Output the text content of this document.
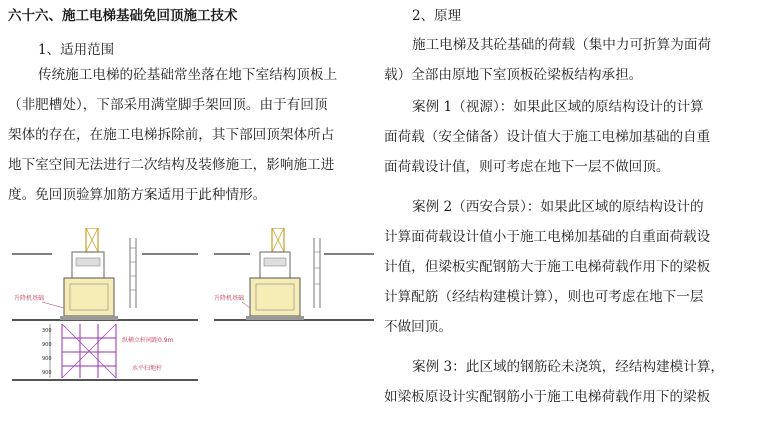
六十六、施工电梯基础免回顶施工技术
1、适用范围
传统施工电梯的砼基础常坐落在地下室结构顶板上
（非肥槽处），下部采用满堂脚手架回顶。由于有回顶
架体的存在，在施工电梯拆除前，其下部回顶架体所占
地下室空间无法进行二次结构及装修施工，影响施工进
度。免回顶验算加筋方案适用于此种情形。
300
900
900
900
升降机基础
纵横立杆间距0.9m
水平扫地杆
升降机基础
2、原理
施工电梯及其砼基础的荷载（集中力可折算为面荷
载）全部由原地下室顶板砼梁板结构承担。
案例 1（视源）：如果此区域的原结构设计的计算
面荷载（安全储备）设计值大于施工电梯加基础的自重
面荷载设计值，则可考虑在地下一层不做回顶。
案例 2（西安合景）：如果此区域的原结构设计的
计算面荷载设计值小于施工电梯加基础的自重面荷载设
计值，但梁板实配钢筋大于施工电梯荷载作用下的梁板
计算配筋（经结构建模计算），则也可考虑在地下一层
不做回顶。
案例 3：此区域的钢筋砼未浇筑，经结构建模计算，
如梁板原设计实配钢筋小于施工电梯荷载作用下的梁板
